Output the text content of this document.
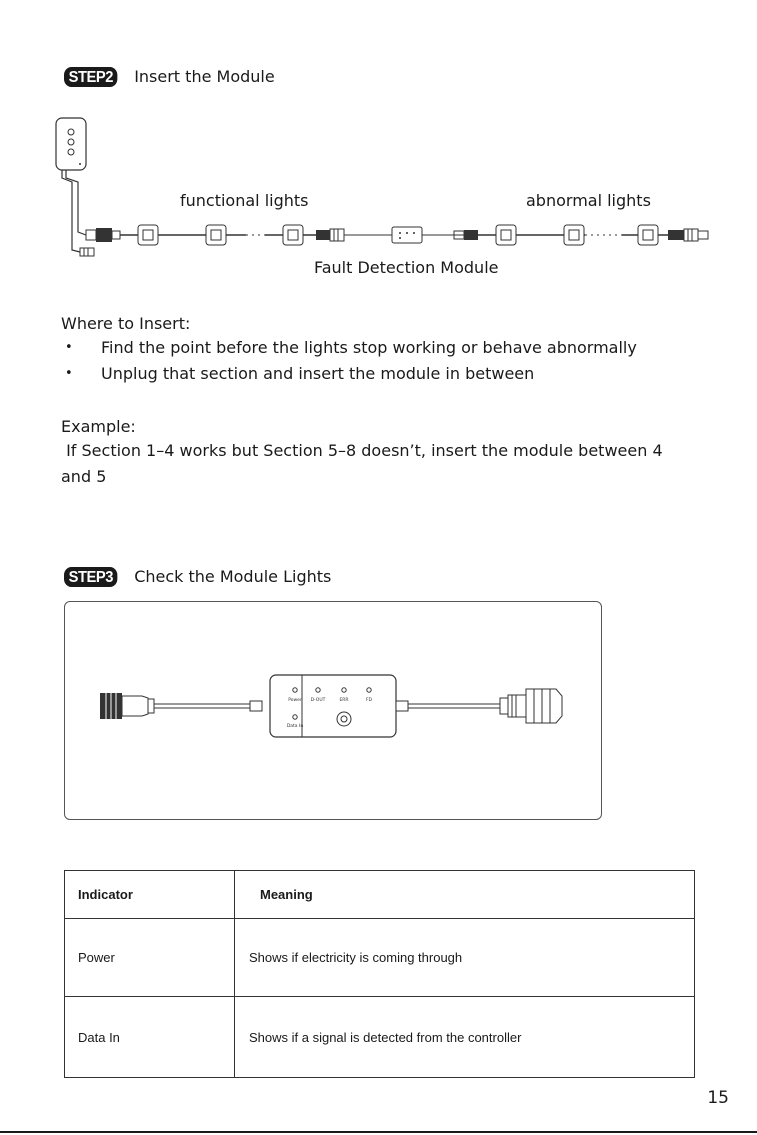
STEP2 Insert the Module
functional lights	abnormal lights
Fault Detection Module
Where to Insert:
• Find the point before the lights stop working or behave abnormally
• Unplug that section and insert the module in between
Example:
If Section 1–4 works but Section 5–8 doesn’t, insert the module between 4
and 5
STEP3 Check the Module Lights
Power D-OUT	ERR	FD
Data In
Indicator	Meaning
Power	Shows if electricity is coming through
Data In	Shows if a signal is detected from the controller
15
